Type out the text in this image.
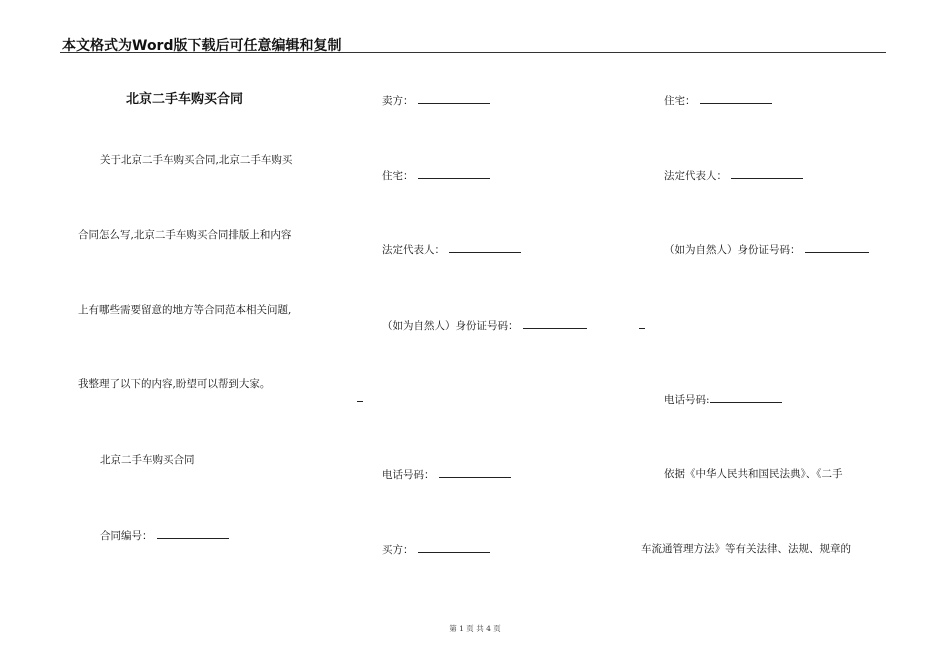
本文格式为Word版下载后可任意编辑和复制
北京二手车购买合同
关于北京二手车购买合同,北京二手车购买
合同怎么写,北京二手车购买合同排版上和内容
上有哪些需要留意的地方等合同范本相关问题,
我整理了以下的内容,盼望可以帮到大家。
北京二手车购买合同
合同编号：
卖方：
住宅：
法定代表人：
（如为自然人）身份证号码：
电话号码：
买方：
住宅：
法定代表人：
（如为自然人）身份证号码：
电话号码:
依据《中华人民共和国民法典》、《二手
车流通管理方法》等有关法律、法规、规章的
第 1 页 共 4 页
